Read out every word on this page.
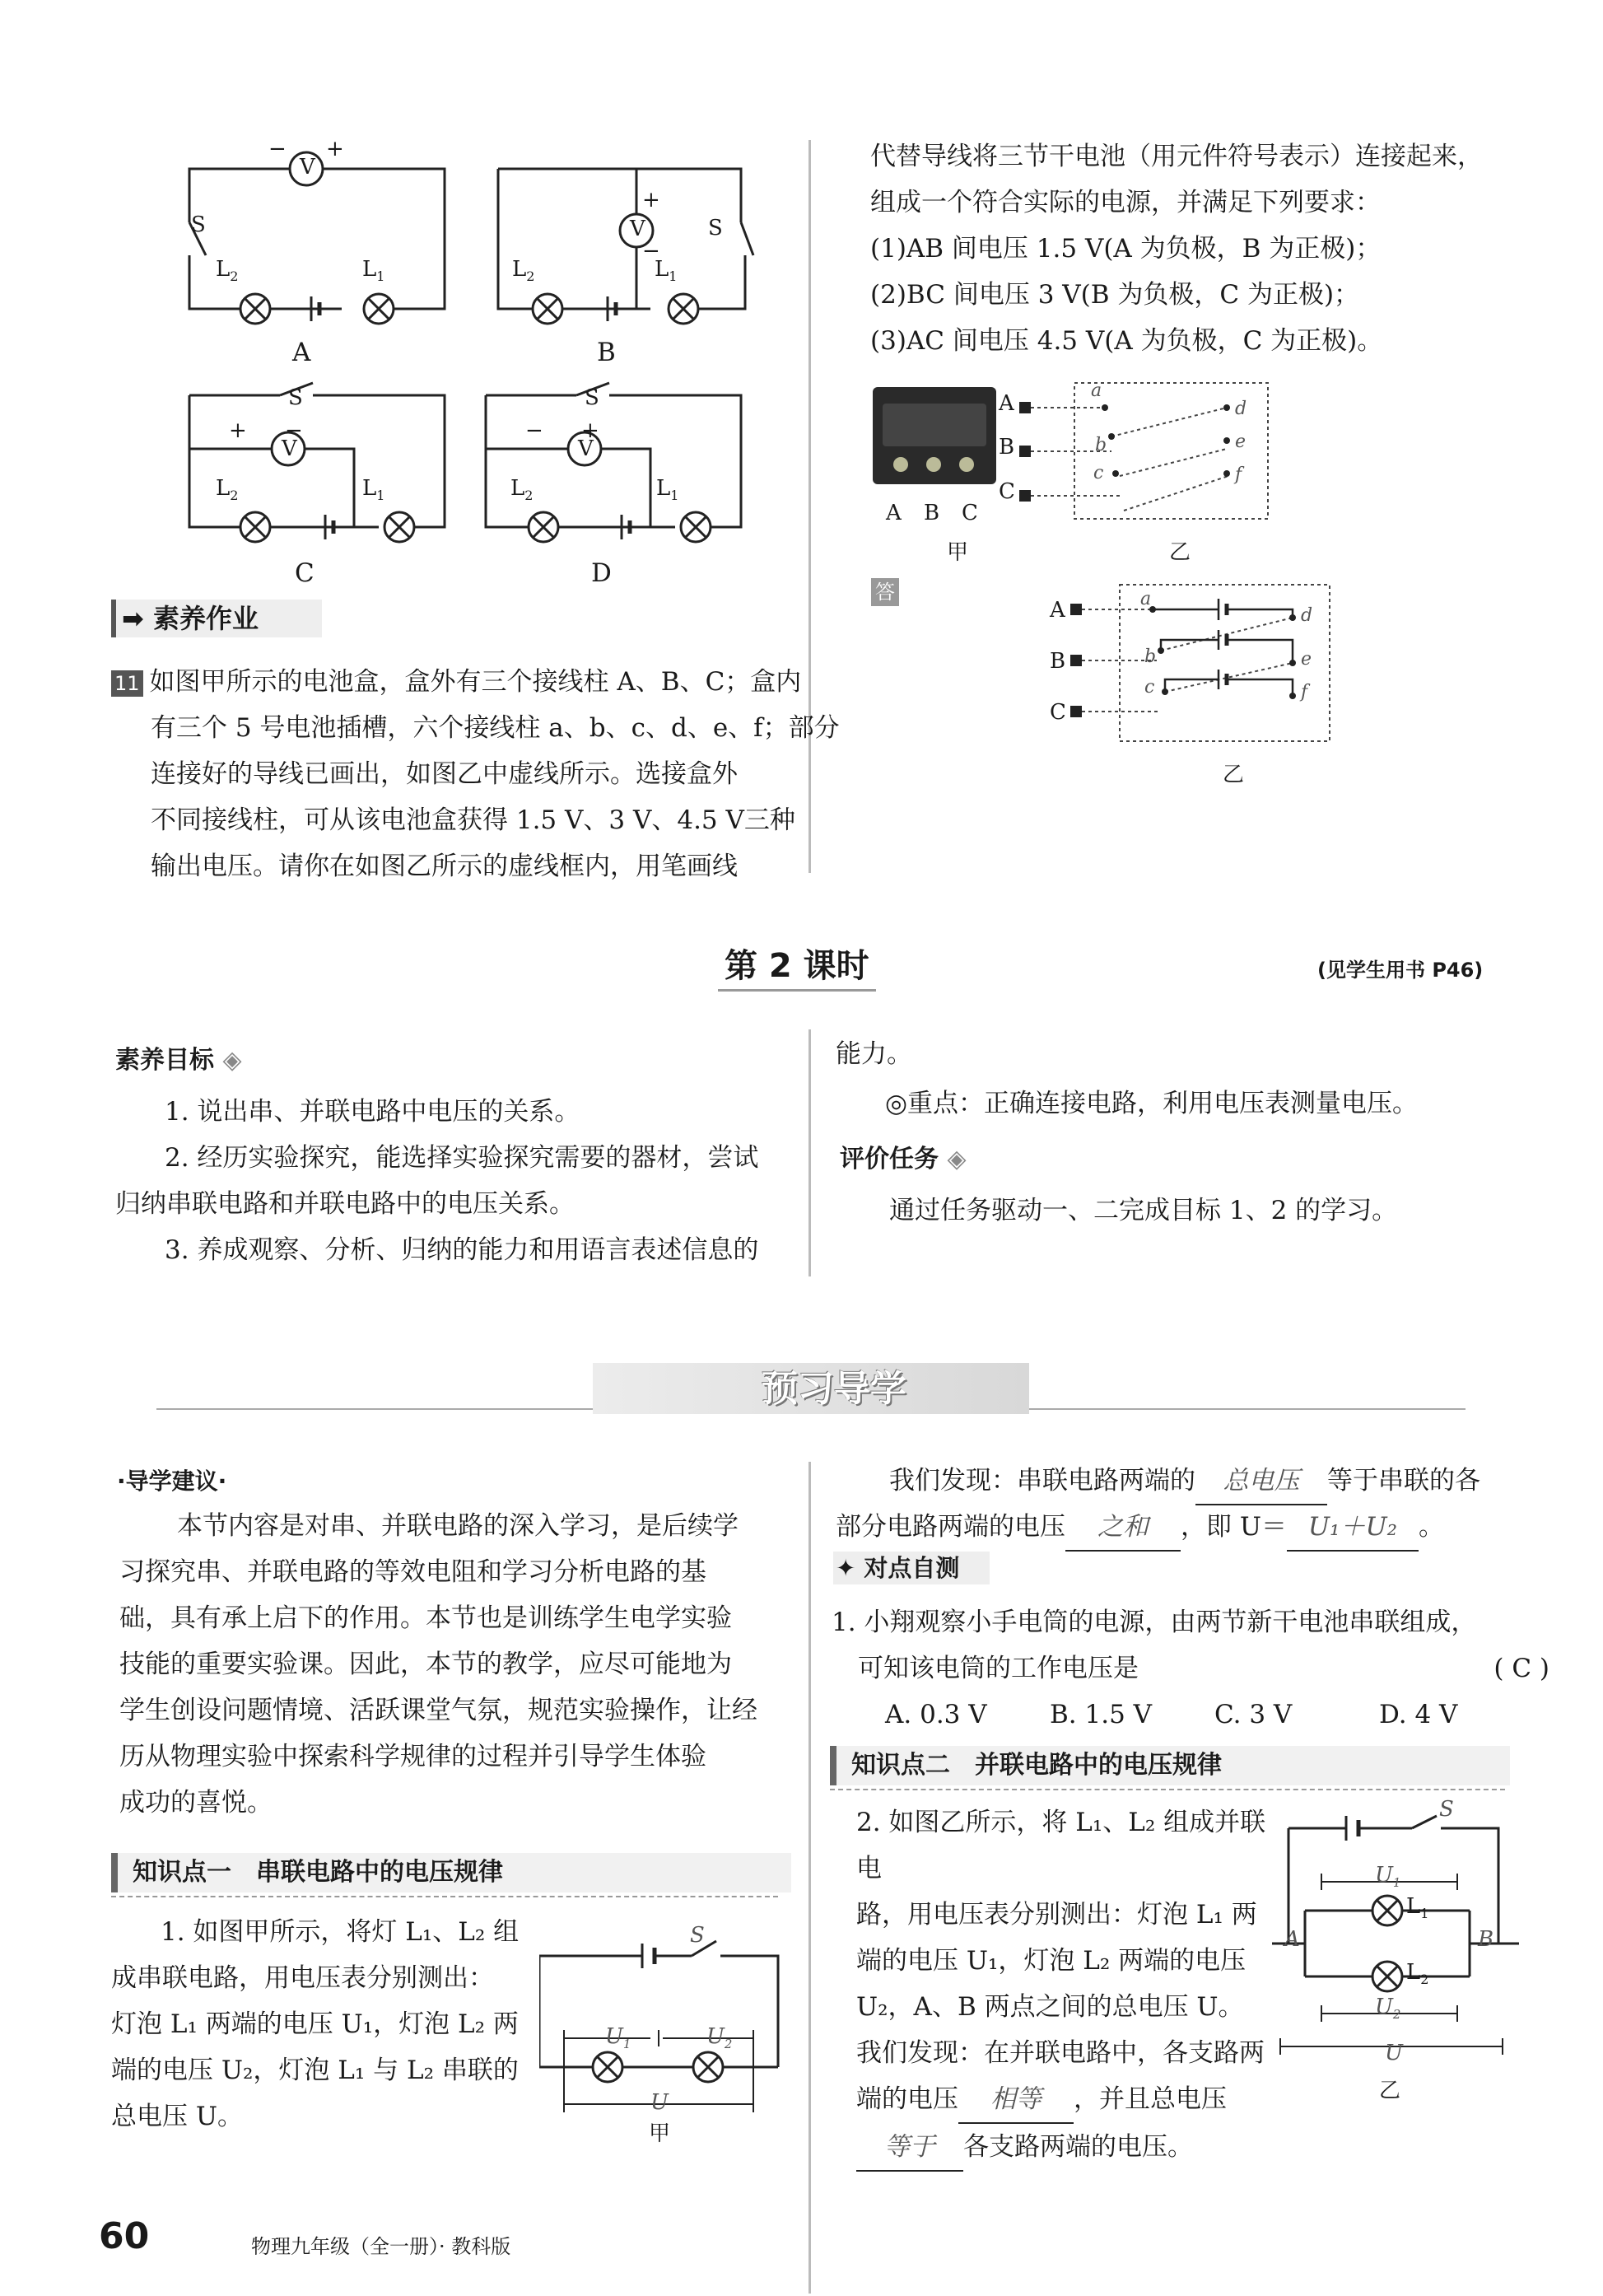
V
− +
S
$L_2$	$L_1$
A
V
+
−
S
$L_2$	$L_1$
B
S
V
+ −
$L_2$	$L_1$
C
S
V
− +
$L_2$	$L_1$
D
➡ 素养作业
11 如图甲所示的电池盒，盒外有三个接线柱 A、B、C；盒内
有三个 5 号电池插槽，六个接线柱 a、b、c、d、e、f；部分
连接好的导线已画出，如图乙中虚线所示。选接盒外
不同接线柱，可从该电池盒获得 1.5 V、3 V、4.5 V三种
输出电压。请你在如图乙所示的虚线框内，用笔画线
代替导线将三节干电池（用元件符号表示）连接起来，
组成一个符合实际的电源，并满足下列要求：
(1)AB 间电压 1.5 V(A 为负极，B 为正极)；
(2)BC 间电压 3 V(B 为负极，C 为正极)；
(3)AC 间电压 4.5 V(A 为负极，C 为正极)。
A B C
甲
A
B
C
a
b
c
d
e
f
乙
答
A
B
C
a
b
c
d
e
f
乙
第 2 课时	(见学生用书 P46)
素养目标 ◈
1. 说出串、并联电路中电压的关系。
2. 经历实验探究，能选择实验探究需要的器材，尝试
归纳串联电路和并联电路中的电压关系。
3. 养成观察、分析、归纳的能力和用语言表述信息的
能力。
◎重点：正确连接电路，利用电压表测量电压。
评价任务 ◈
通过任务驱动一、二完成目标 1、2 的学习。
预习导学
·导学建议·
本节内容是对串、并联电路的深入学习，是后续学
习探究串、并联电路的等效电阻和学习分析电路的基
础，具有承上启下的作用。本节也是训练学生电学实验
技能的重要实验课。因此，本节的教学，应尽可能地为
学生创设问题情境、活跃课堂气氛，规范实验操作，让经
历从物理实验中探索科学规律的过程并引导学生体验
成功的喜悦。
知识点一　串联电路中的电压规律
1. 如图甲所示，将灯 L₁、L₂ 组
成串联电路，用电压表分别测出：
灯泡 L₁ 两端的电压 U₁，灯泡 L₂ 两
端的电压 U₂，灯泡 L₁ 与 L₂ 串联的
总电压 U。
S
$U_1$	$U_2$
U
甲
我们发现：串联电路两端的 总电压 等于串联的各
部分电路两端的电压 之和 ，即 U＝ U₁＋U₂ 。
✦ 对点自测
1. 小翔观察小手电筒的电源，由两节新干电池串联组成，
可知该电筒的工作电压是	( C )
A. 0.3 V B. 1.5 V C. 3 V	D. 4 V
知识点二　并联电路中的电压规律
2. 如图乙所示，将 L₁、L₂ 组成并联电
路，用电压表分别测出：灯泡 L₁ 两
端的电压 U₁，灯泡 L₂ 两端的电压
U₂，A、B 两点之间的总电压 U。
我们发现：在并联电路中，各支路两
端的电压 相等 ，并且总电压
等于 各支路两端的电压。
S
$U_1$
$U_2$
U
A	B
$L_1$
$L_2$
乙
60	物理九年级（全一册）· 教科版
